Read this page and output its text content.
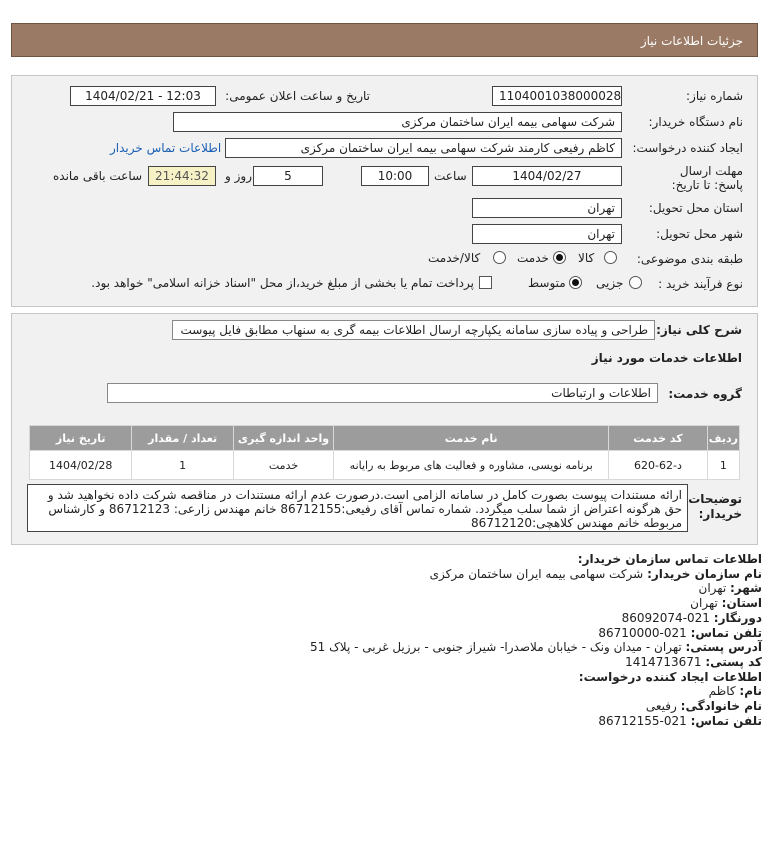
جزئیات اطلاعات نیاز
شماره نیاز:
1104001038000028
تاریخ و ساعت اعلان عمومی:
1404/02/21 - 12:03
نام دستگاه خریدار:
شرکت سهامی بیمه ایران ساختمان مرکزی
ایجاد کننده درخواست:
کاظم رفیعی کارمند شرکت سهامی بیمه ایران ساختمان مرکزی
اطلاعات تماس خریدار
مهلت ارسال پاسخ: تا تاریخ:
1404/02/27
ساعت
10:00
5
روز و
21:44:32
ساعت باقی مانده
استان محل تحویل:
تهران
شهر محل تحویل:
تهران
طبقه بندی موضوعی:
کالا
خدمت
کالا/خدمت
نوع فرآیند خرید :
جزیی
متوسط
پرداخت تمام یا بخشی از مبلغ خرید،از محل "اسناد خزانه اسلامی" خواهد بود.
شرح کلی نیاز:
طراحی و پیاده سازی سامانه یکپارچه ارسال اطلاعات بیمه گری به سنهاب مطابق فایل پیوست
اطلاعات خدمات مورد نیاز
گروه خدمت:
اطلاعات و ارتباطات
ردیف	کد خدمت	نام خدمت	واحد اندازه گیری	تعداد / مقدار	تاریخ نیاز
1	د-62-620	برنامه نویسی، مشاوره و فعالیت های مربوط به رایانه	خدمت	1	1404/02/28
توضیحات خریدار:
ارائه مستندات پیوست بصورت کامل در سامانه الزامی است.درصورت عدم ارائه مستندات در مناقصه شرکت داده نخواهید شد و حق هرگونه اعتراض از شما سلب میگردد. شماره تماس آقای رفیعی:86712155 خانم مهندس زارعی: 86712123 و کارشناس مربوطه خانم مهندس کلاهچی:86712120
اطلاعات تماس سازمان خریدار:
نام سازمان خریدار: شرکت سهامی بیمه ایران ساختمان مرکزی
شهر: تهران
استان: تهران
دورنگار: 021-86092074
تلفن تماس: 021-86710000
آدرس پستی: تهران - میدان ونک - خیابان ملاصدرا- شیراز جنوبی - برزیل غربی - پلاک 51
کد پستی: 1414713671
اطلاعات ایجاد کننده درخواست:
نام: کاظم
نام خانوادگی: رفیعی
تلفن تماس: 021-86712155
